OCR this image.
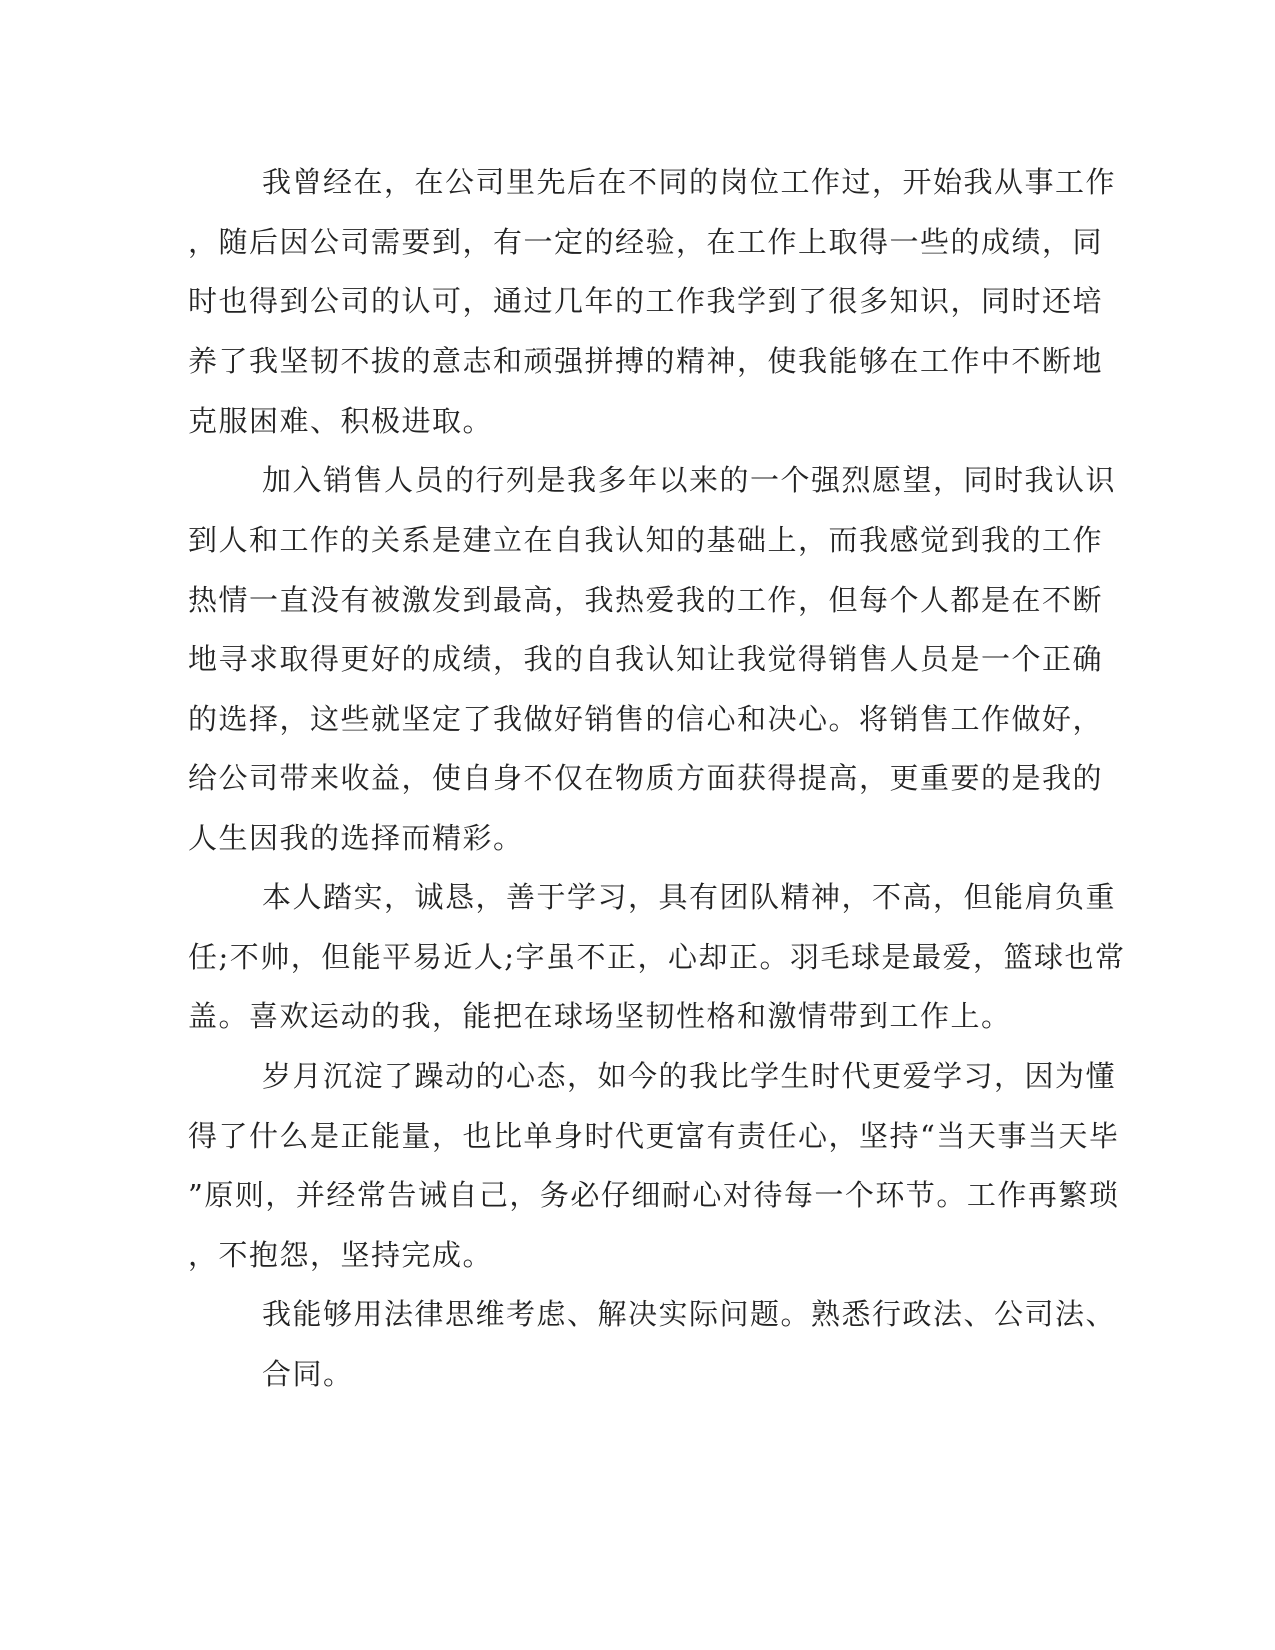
我曾经在，在公司里先后在不同的岗位工作过，开始我从事工作

，随后因公司需要到，有一定的经验，在工作上取得一些的成绩，同

时也得到公司的认可，通过几年的工作我学到了很多知识，同时还培

养了我坚韧不拔的意志和顽强拼搏的精神，使我能够在工作中不断地

克服困难、积极进取。

加入销售人员的行列是我多年以来的一个强烈愿望，同时我认识

到人和工作的关系是建立在自我认知的基础上，而我感觉到我的工作

热情一直没有被激发到最高，我热爱我的工作，但每个人都是在不断

地寻求取得更好的成绩，我的自我认知让我觉得销售人员是一个正确

的选择，这些就坚定了我做好销售的信心和决心。将销售工作做好，

给公司带来收益，使自身不仅在物质方面获得提高，更重要的是我的

人生因我的选择而精彩。

本人踏实，诚恳，善于学习，具有团队精神，不高，但能肩负重

任;不帅，但能平易近人;字虽不正，心却正。羽毛球是最爱，篮球也常

盖。喜欢运动的我，能把在球场坚韧性格和激情带到工作上。

岁月沉淀了躁动的心态，如今的我比学生时代更爱学习，因为懂

得了什么是正能量，也比单身时代更富有责任心，坚持“当天事当天毕

”原则，并经常告诫自己，务必仔细耐心对待每一个环节。工作再繁琐

，不抱怨，坚持完成。

我能够用法律思维考虑、解决实际问题。熟悉行政法、公司法、

合同。
